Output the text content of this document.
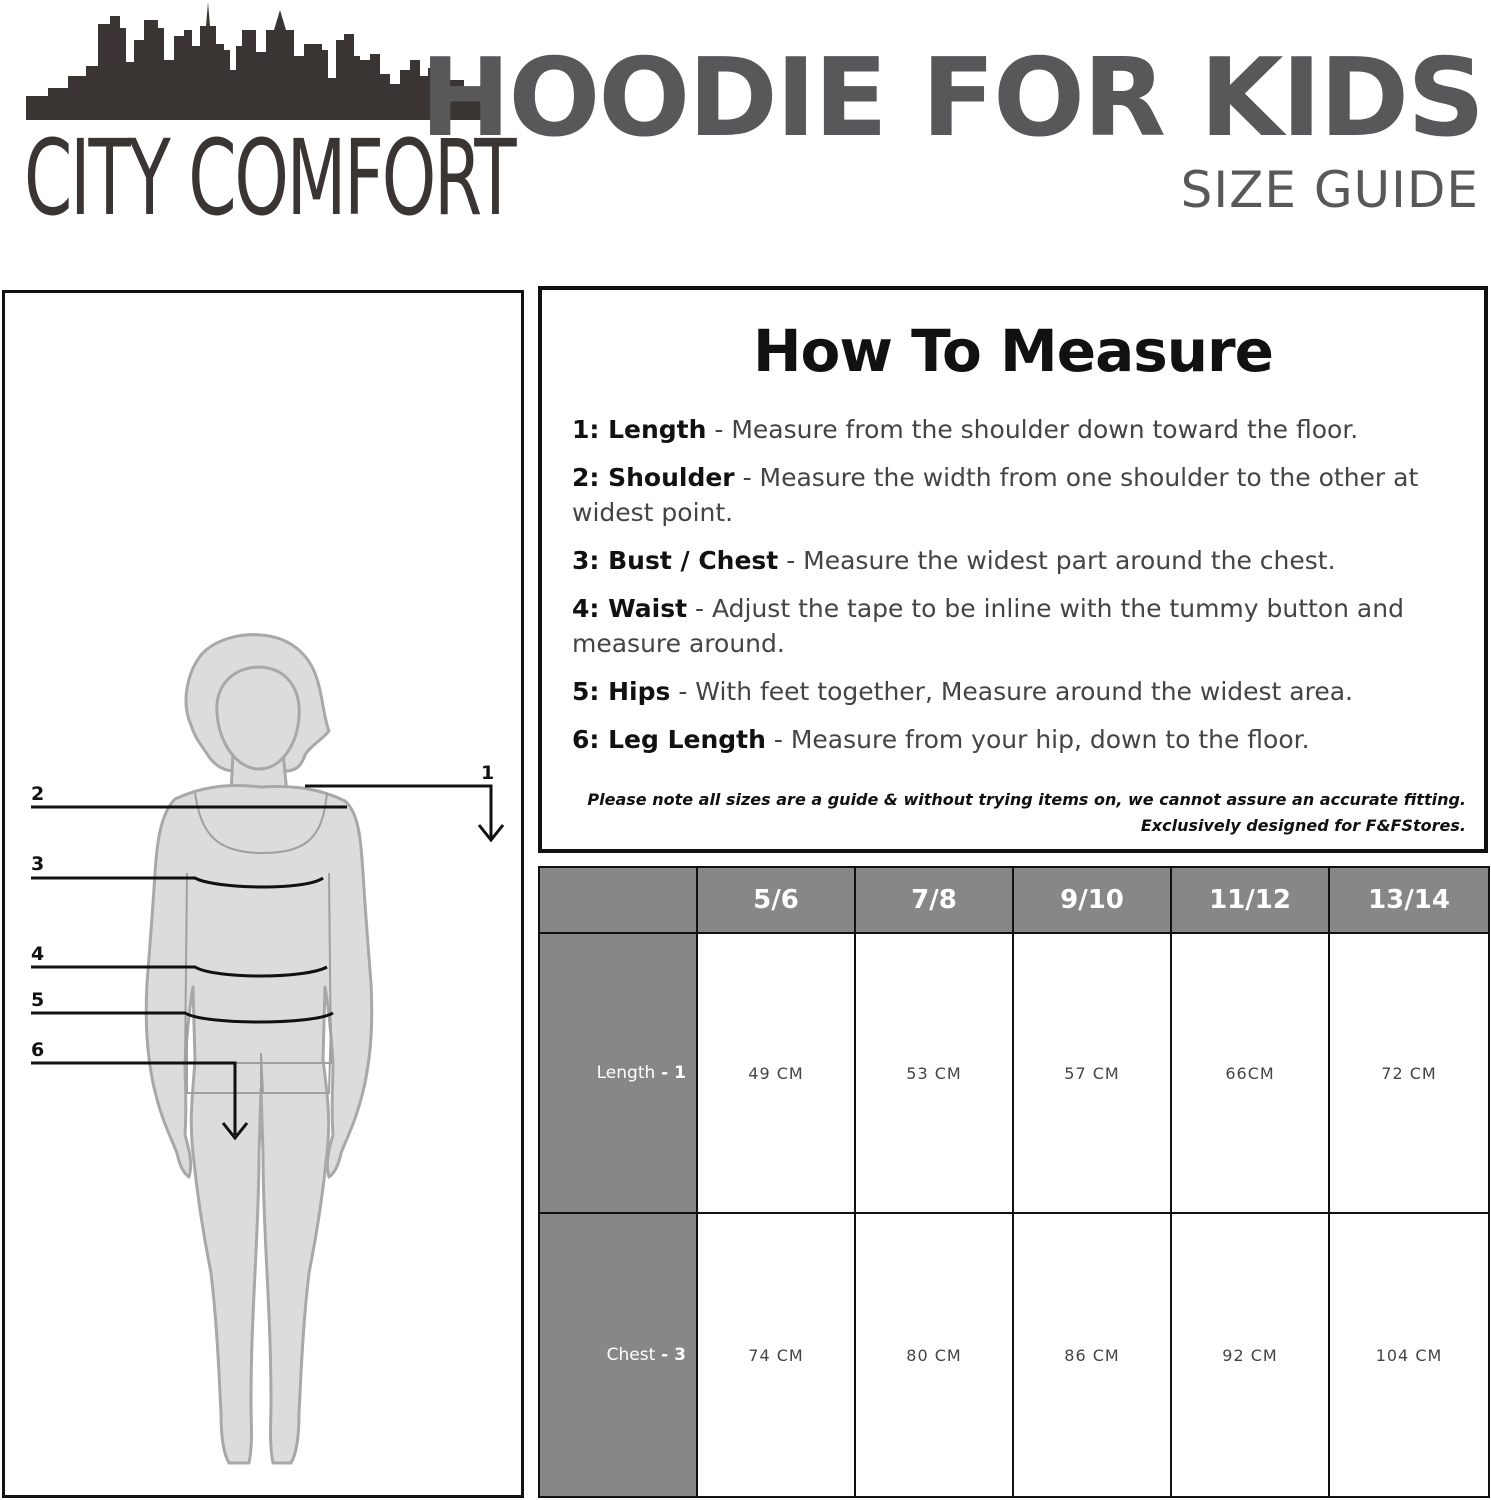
CITY COMFORT
HOODIE FOR KIDS
SIZE GUIDE
1
2
3
4
5
6
How To Measure
1: Length - Measure from the shoulder down toward the floor.
2: Shoulder - Measure the width from one shoulder to the other at widest point.
3: Bust / Chest - Measure the widest part around the chest.
4: Waist - Adjust the tape to be inline with the tummy button and measure around.
5: Hips - With feet together, Measure around the widest area.
6: Leg Length - Measure from your hip, down to the floor.
Please note all sizes are a guide & without trying items on, we cannot assure an accurate fitting.
Exclusively designed for F&FStores.
	5/6	7/8	9/10	11/12	13/14
Length - 1	49 CM	53 CM	57 CM	66CM	72 CM
Chest - 3	74 CM	80 CM	86 CM	92 CM	104 CM
